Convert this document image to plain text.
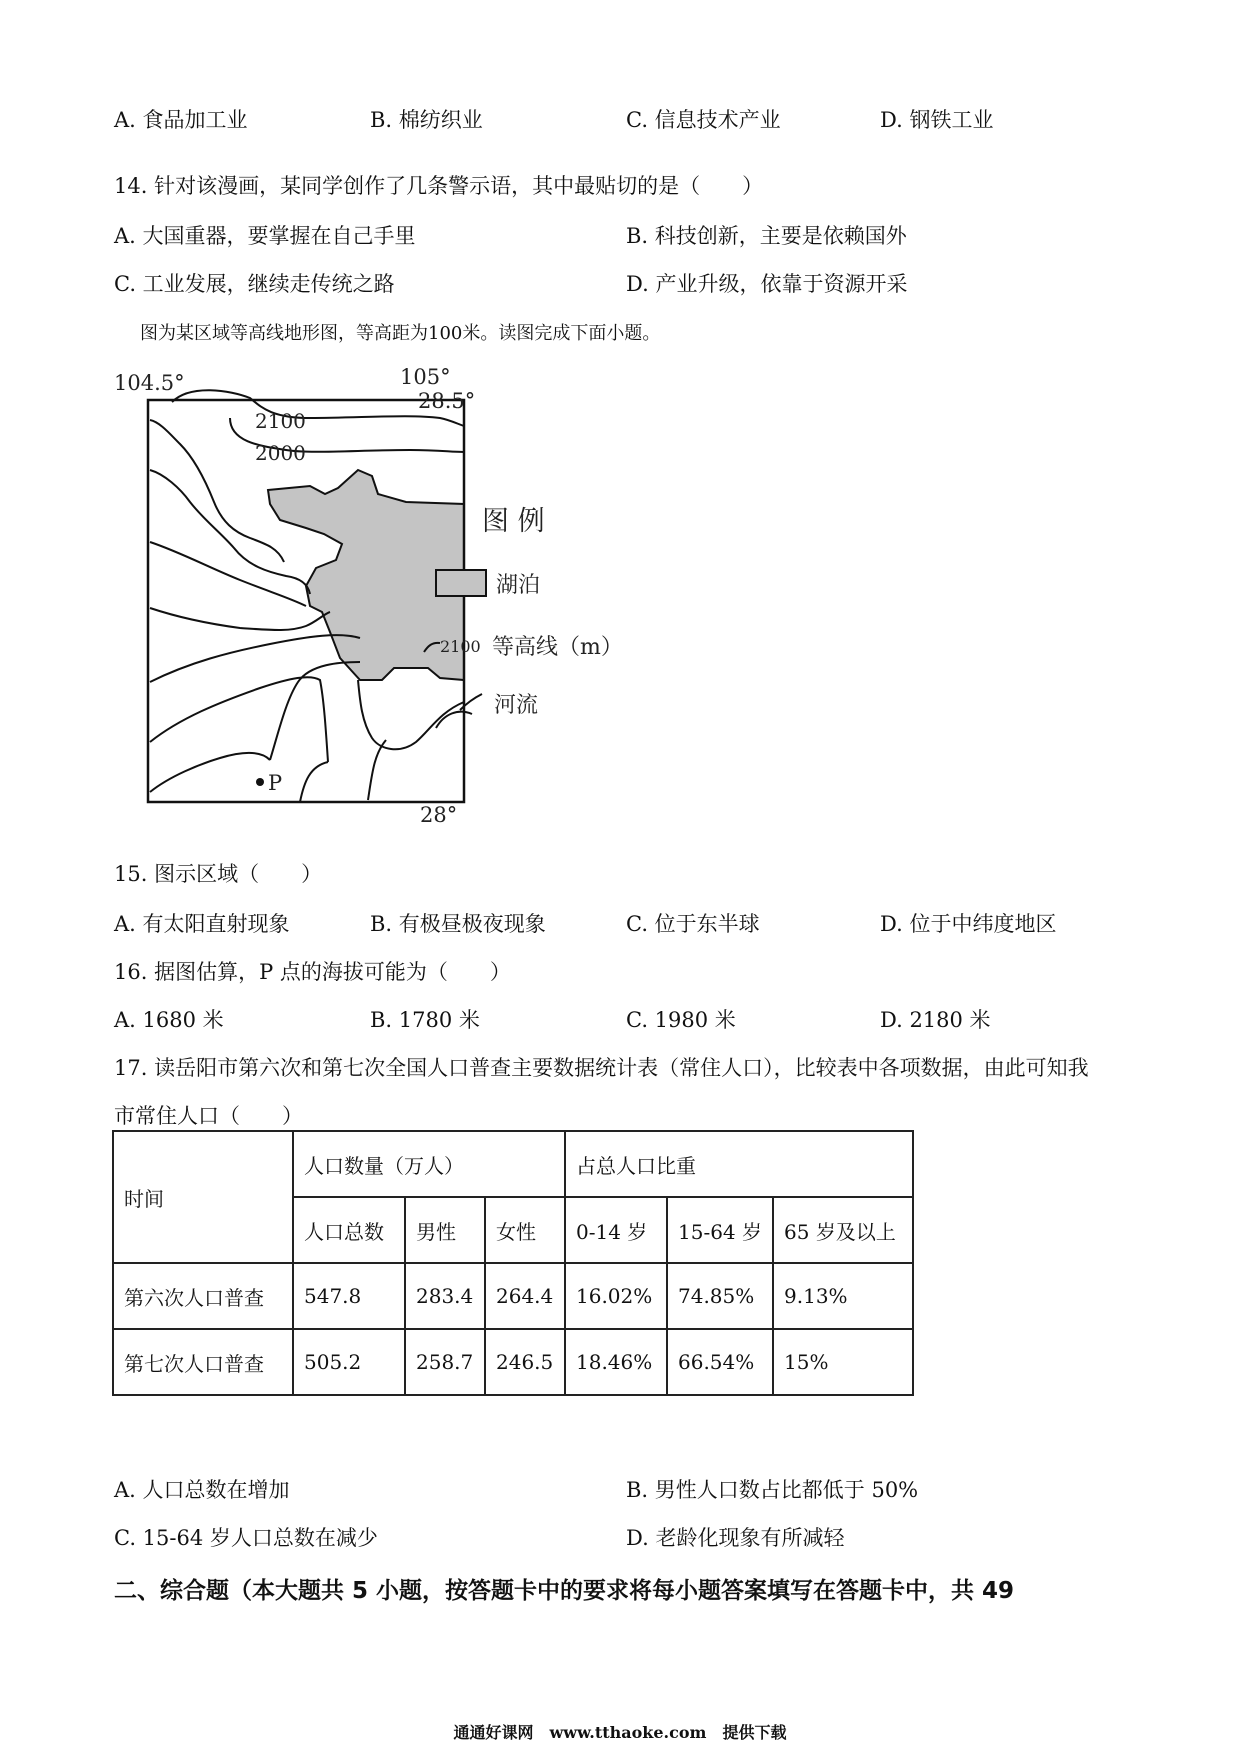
A. 食品加工业	B. 棉纺织业	C. 信息技术产业	D. 钢铁工业
14. 针对该漫画，某同学创作了几条警示语，其中最贴切的是（　　）
A. 大国重器，要掌握在自己手里	B. 科技创新，主要是依赖国外
C. 工业发展，继续走传统之路	D. 产业升级，依靠于资源开采
图为某区域等高线地形图，等高距为100米。读图完成下面小题。
104.5°	105°
28.5°
28°
2100
2000
P
图 例
湖泊
2100 等高线（m）
河流
15. 图示区域（　　）
A. 有太阳直射现象	B. 有极昼极夜现象	C. 位于东半球	D. 位于中纬度地区
16. 据图估算，P 点的海拔可能为（　　）
A. 1680 米	B. 1780 米	C. 1980 米	D. 2180 米
17. 读岳阳市第六次和第七次全国人口普查主要数据统计表（常住人口），比较表中各项数据，由此可知我
市常住人口（　　）
时间	人口数量（万人）			占总人口比重		
	人口总数	男性	女性	0-14 岁	15-64 岁	65 岁及以上
第六次人口普查	547.8	283.4	264.4	16.02%	74.85%	9.13%
第七次人口普查	505.2	258.7	246.5	18.46%	66.54%	15%
A. 人口总数在增加	B. 男性人口数占比都低于 50%
C. 15-64 岁人口总数在减少	D. 老龄化现象有所减轻
二、综合题（本大题共 5 小题，按答题卡中的要求将每小题答案填写在答题卡中，共 49
通通好课网　www.tthaoke.com　提供下载
